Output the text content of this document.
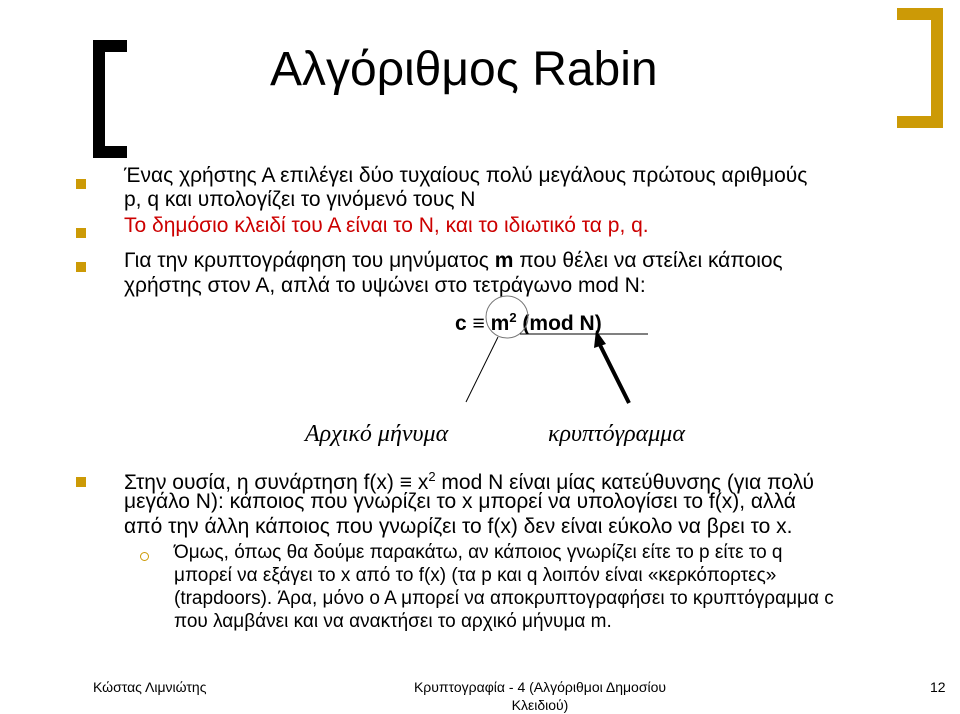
Αλγόριθμος Rabin
Ένας χρήστης Α επιλέγει δύο τυχαίους πολύ μεγάλους πρώτους αριθμούς
p, q και υπολογίζει το γινόμενό τους Ν
Το δημόσιο κλειδί του Α είναι το Ν, και το ιδιωτικό τα p, q.
Για την κρυπτογράφηση του μηνύματος m που θέλει να στείλει κάποιος
χρήστης στον Α, απλά το υψώνει στο τετράγωνο mod N:
$c \equiv m^2$ (mod N)
Αρχικό μήνυμα	κρυπτόγραμμα
Στην ουσία, η συνάρτηση $f(x) \equiv x^2$ mod N είναι μίας κατεύθυνσης (για πολύ
μεγάλο Ν): κάποιος που γνωρίζει το x μπορεί να υπολογίσει το f(x), αλλά
από την άλλη κάποιος που γνωρίζει το f(x) δεν είναι εύκολο να βρει το x.
Όμως, όπως θα δούμε παρακάτω, αν κάποιος γνωρίζει είτε το p είτε το q
μπορεί να εξάγει το x από το f(x) (τα p και q λοιπόν είναι «κερκόπορτες»
(trapdoors). Άρα, μόνο ο Α μπορεί να αποκρυπτογραφήσει το κρυπτόγραμμα c
που λαμβάνει και να ανακτήσει το αρχικό μήνυμα m.
Κώστας Λιμνιώτης	Κρυπτογραφία - 4 (Αλγόριθμοι Δημοσίου
Κλειδιού)
12
